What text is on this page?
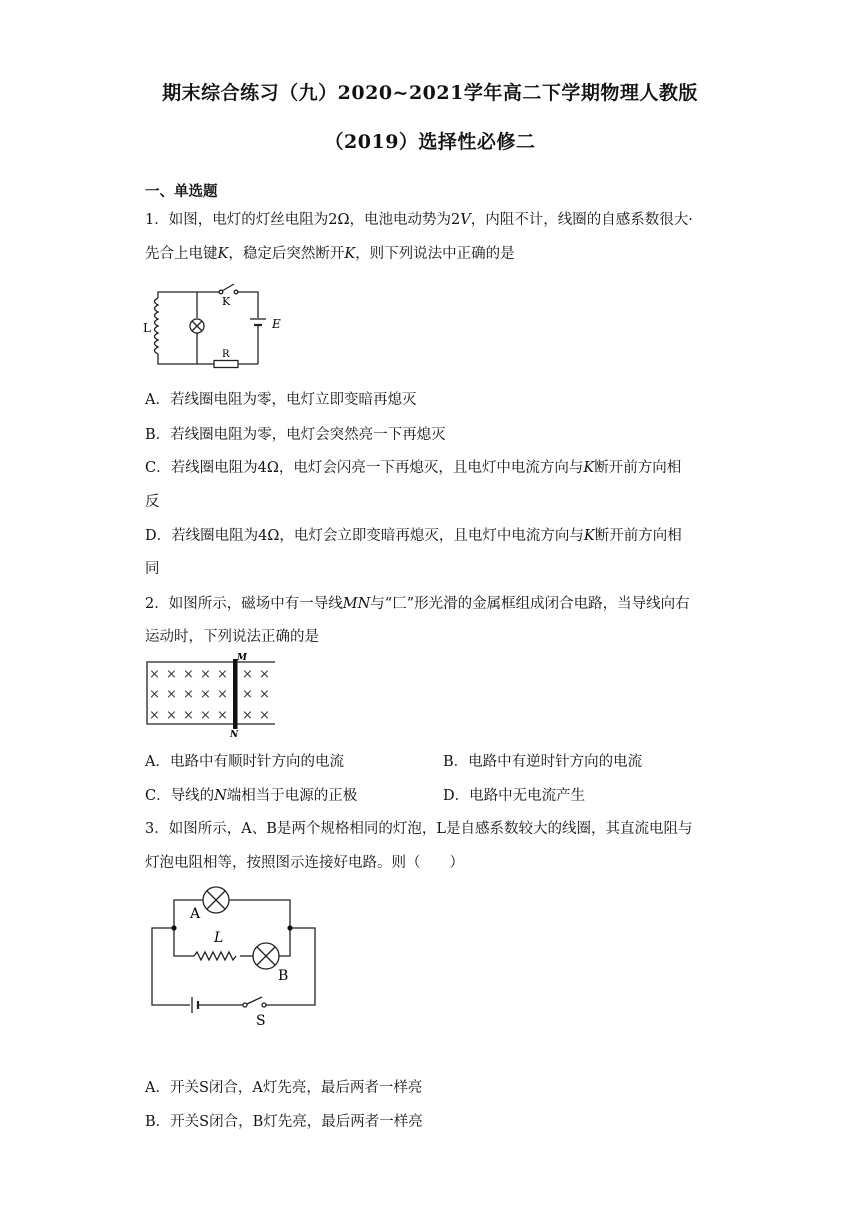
期末综合练习（九）2020~2021学年高二下学期物理人教版
（2019）选择性必修二
一、单选题
1．如图，电灯的灯丝电阻为2Ω，电池电动势为2V，内阻不计，线圈的自感系数很大·
先合上电键K，稳定后突然断开K，则下列说法中正确的是
L
K
E
R
A．若线圈电阻为零，电灯立即变暗再熄灭
B．若线圈电阻为零，电灯会突然亮一下再熄灭
C．若线圈电阻为4Ω，电灯会闪亮一下再熄灭，且电灯中电流方向与K断开前方向相
反
D．若线圈电阻为4Ω，电灯会立即变暗再熄灭，且电灯中电流方向与K断开前方向相
同
2．如图所示，磁场中有一导线MN与“匚”形光滑的金属框组成闭合电路，当导线向右
运动时，下列说法正确的是
M
N
× × × × × × ×
× × × × × × ×
× × × × × × ×
A．电路中有顺时针方向的电流	B．电路中有逆时针方向的电流
C．导线的N端相当于电源的正极	D．电路中无电流产生
3．如图所示，A、B是两个规格相同的灯泡，L是自感系数较大的线圈，其直流电阻与
灯泡电阻相等，按照图示连接好电路。则（　　）
S
A
L
B
A．开关S闭合，A灯先亮，最后两者一样亮
B．开关S闭合，B灯先亮，最后两者一样亮
